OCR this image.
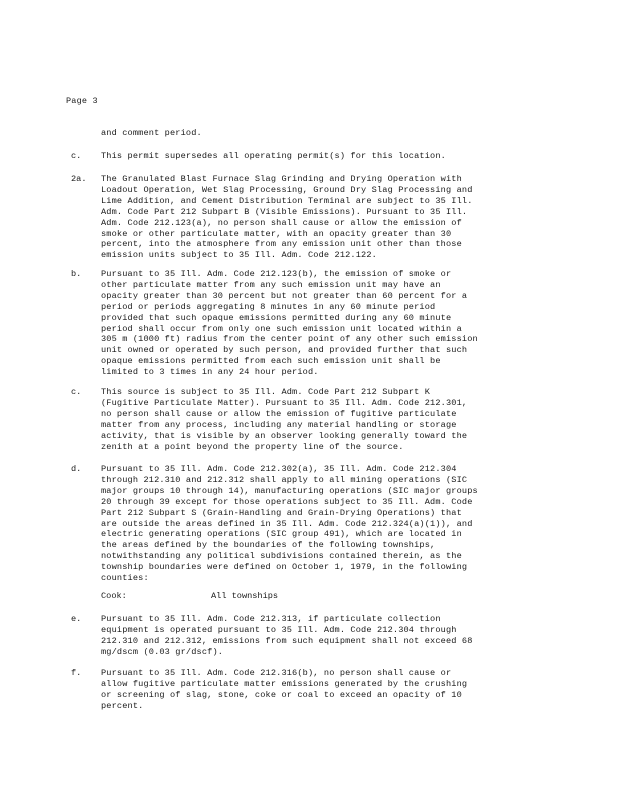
Page 3
and comment period.
c. This permit supersedes all operating permit(s) for this location.
2a. The Granulated Blast Furnace Slag Grinding and Drying Operation with
Loadout Operation, Wet Slag Processing, Ground Dry Slag Processing and
Lime Addition, and Cement Distribution Terminal are subject to 35 Ill.
Adm. Code Part 212 Subpart B (Visible Emissions). Pursuant to 35 Ill.
Adm. Code 212.123(a), no person shall cause or allow the emission of
smoke or other particulate matter, with an opacity greater than 30
percent, into the atmosphere from any emission unit other than those
emission units subject to 35 Ill. Adm. Code 212.122.
b. Pursuant to 35 Ill. Adm. Code 212.123(b), the emission of smoke or
other particulate matter from any such emission unit may have an
opacity greater than 30 percent but not greater than 60 percent for a
period or periods aggregating 8 minutes in any 60 minute period
provided that such opaque emissions permitted during any 60 minute
period shall occur from only one such emission unit located within a
305 m (1000 ft) radius from the center point of any other such emission
unit owned or operated by such person, and provided further that such
opaque emissions permitted from each such emission unit shall be
limited to 3 times in any 24 hour period.
c. This source is subject to 35 Ill. Adm. Code Part 212 Subpart K
(Fugitive Particulate Matter). Pursuant to 35 Ill. Adm. Code 212.301,
no person shall cause or allow the emission of fugitive particulate
matter from any process, including any material handling or storage
activity, that is visible by an observer looking generally toward the
zenith at a point beyond the property line of the source.
d. Pursuant to 35 Ill. Adm. Code 212.302(a), 35 Ill. Adm. Code 212.304
through 212.310 and 212.312 shall apply to all mining operations (SIC
major groups 10 through 14), manufacturing operations (SIC major groups
20 through 39 except for those operations subject to 35 Ill. Adm. Code
Part 212 Subpart S (Grain-Handling and Grain-Drying Operations) that
are outside the areas defined in 35 Ill. Adm. Code 212.324(a)(1)), and
electric generating operations (SIC group 491), which are located in
the areas defined by the boundaries of the following townships,
notwithstanding any political subdivisions contained therein, as the
township boundaries were defined on October 1, 1979, in the following
counties:
Cook:	All townships
e. Pursuant to 35 Ill. Adm. Code 212.313, if particulate collection
equipment is operated pursuant to 35 Ill. Adm. Code 212.304 through
212.310 and 212.312, emissions from such equipment shall not exceed 68
mg/dscm (0.03 gr/dscf).
f. Pursuant to 35 Ill. Adm. Code 212.316(b), no person shall cause or
allow fugitive particulate matter emissions generated by the crushing
or screening of slag, stone, coke or coal to exceed an opacity of 10
percent.
